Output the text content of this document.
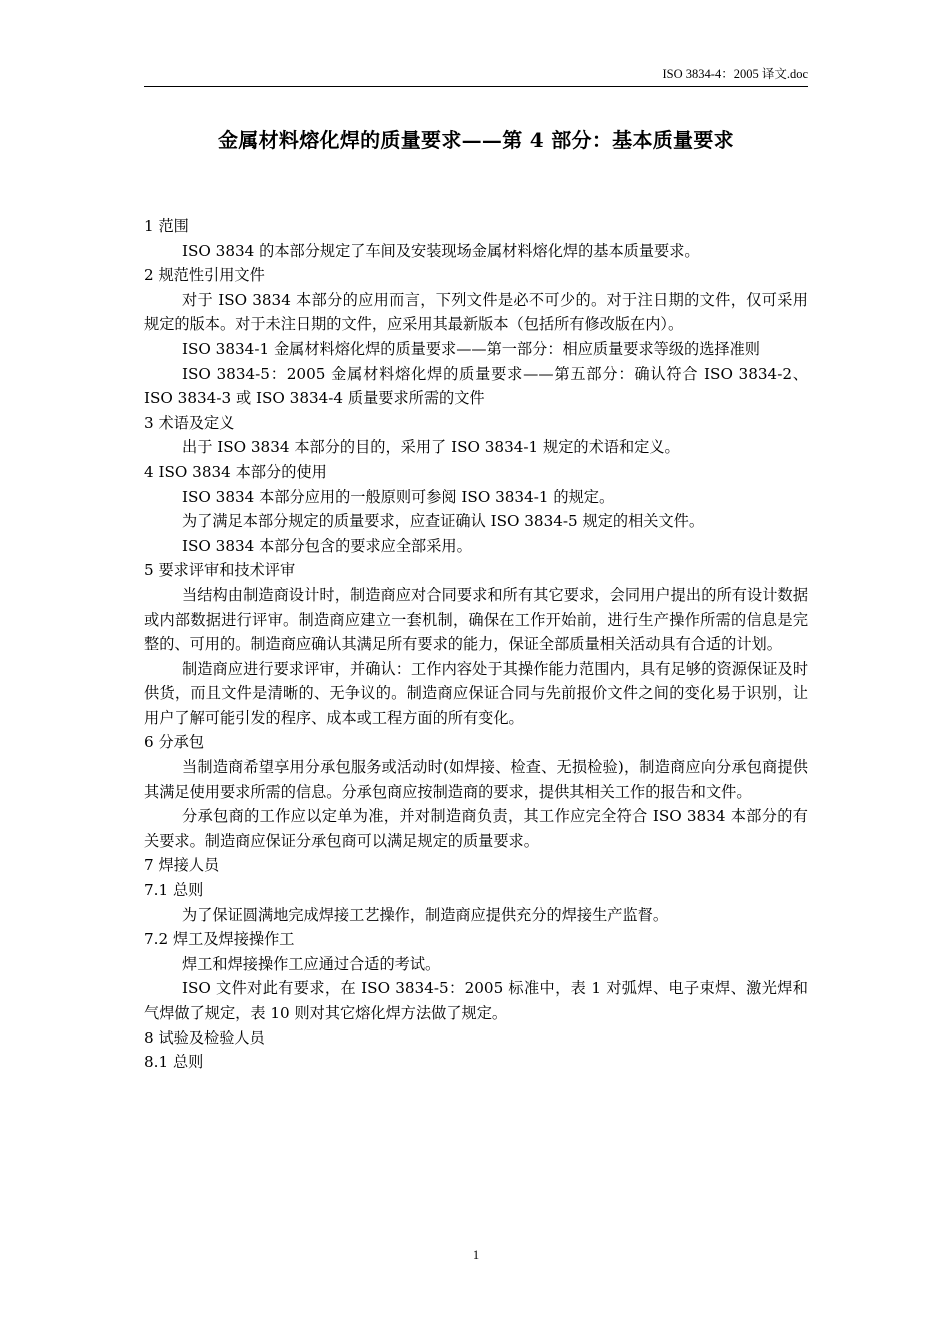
ISO 3834-4：2005 译文.doc
金属材料熔化焊的质量要求——第 4 部分：基本质量要求

1 范围

ISO 3834 的本部分规定了车间及安装现场金属材料熔化焊的基本质量要求。

2 规范性引用文件

对于 ISO 3834 本部分的应用而言，下列文件是必不可少的。对于注日期的文件，仅可采用规定的版本。对于未注日期的文件，应采用其最新版本（包括所有修改版在内）。

ISO 3834-1 金属材料熔化焊的质量要求——第一部分：相应质量要求等级的选择准则

ISO 3834-5：2005 金属材料熔化焊的质量要求——第五部分：确认符合 ISO 3834-2、ISO 3834-3 或 ISO 3834-4 质量要求所需的文件

3 术语及定义

出于 ISO 3834 本部分的目的，采用了 ISO 3834-1 规定的术语和定义。

4 ISO 3834 本部分的使用

ISO 3834 本部分应用的一般原则可参阅 ISO 3834-1 的规定。

为了满足本部分规定的质量要求，应查证确认 ISO 3834-5 规定的相关文件。

ISO 3834 本部分包含的要求应全部采用。

5 要求评审和技术评审

当结构由制造商设计时，制造商应对合同要求和所有其它要求，会同用户提出的所有设计数据或内部数据进行评审。制造商应建立一套机制，确保在工作开始前，进行生产操作所需的信息是完整的、可用的。制造商应确认其满足所有要求的能力，保证全部质量相关活动具有合适的计划。

制造商应进行要求评审，并确认：工作内容处于其操作能力范围内，具有足够的资源保证及时供货，而且文件是清晰的、无争议的。制造商应保证合同与先前报价文件之间的变化易于识别，让用户了解可能引发的程序、成本或工程方面的所有变化。

6 分承包

当制造商希望享用分承包服务或活动时(如焊接、检查、无损检验)，制造商应向分承包商提供其满足使用要求所需的信息。分承包商应按制造商的要求，提供其相关工作的报告和文件。

分承包商的工作应以定单为准，并对制造商负责，其工作应完全符合 ISO 3834 本部分的有关要求。制造商应保证分承包商可以满足规定的质量要求。

7 焊接人员

7.1 总则

为了保证圆满地完成焊接工艺操作，制造商应提供充分的焊接生产监督。

7.2 焊工及焊接操作工

焊工和焊接操作工应通过合适的考试。

ISO 文件对此有要求，在 ISO 3834-5：2005 标准中，表 1 对弧焊、电子束焊、激光焊和气焊做了规定，表 10 则对其它熔化焊方法做了规定。

8 试验及检验人员

8.1 总则

1
